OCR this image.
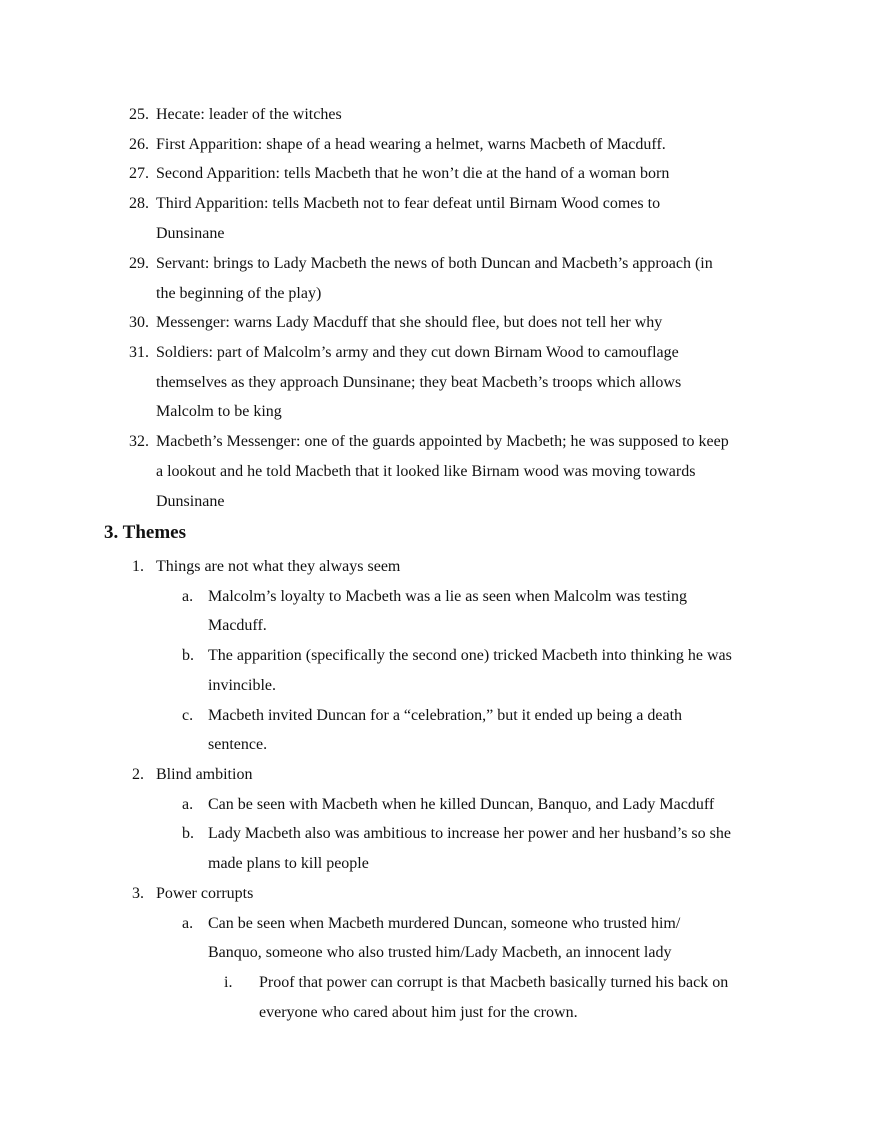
25. Hecate: leader of the witches
26. First Apparition: shape of a head wearing a helmet, warns Macbeth of Macduff.
27. Second Apparition: tells Macbeth that he won’t die at the hand of a woman born
28. Third Apparition: tells Macbeth not to fear defeat until Birnam Wood comes to
Dunsinane
29. Servant: brings to Lady Macbeth the news of both Duncan and Macbeth’s approach (in
the beginning of the play)
30. Messenger: warns Lady Macduff that she should flee, but does not tell her why
31. Soldiers: part of Malcolm’s army and they cut down Birnam Wood to camouflage
themselves as they approach Dunsinane; they beat Macbeth’s troops which allows
Malcolm to be king
32. Macbeth’s Messenger: one of the guards appointed by Macbeth; he was supposed to keep
a lookout and he told Macbeth that it looked like Birnam wood was moving towards
Dunsinane
3. Themes
1. Things are not what they always seem
a. Malcolm’s loyalty to Macbeth was a lie as seen when Malcolm was testing
Macduff.
b. The apparition (specifically the second one) tricked Macbeth into thinking he was
invincible.
c. Macbeth invited Duncan for a “celebration,” but it ended up being a death
sentence.
2. Blind ambition
a. Can be seen with Macbeth when he killed Duncan, Banquo, and Lady Macduff
b. Lady Macbeth also was ambitious to increase her power and her husband’s so she
made plans to kill people
3. Power corrupts
a. Can be seen when Macbeth murdered Duncan, someone who trusted him/
Banquo, someone who also trusted him/Lady Macbeth, an innocent lady
i. Proof that power can corrupt is that Macbeth basically turned his back on
everyone who cared about him just for the crown.
